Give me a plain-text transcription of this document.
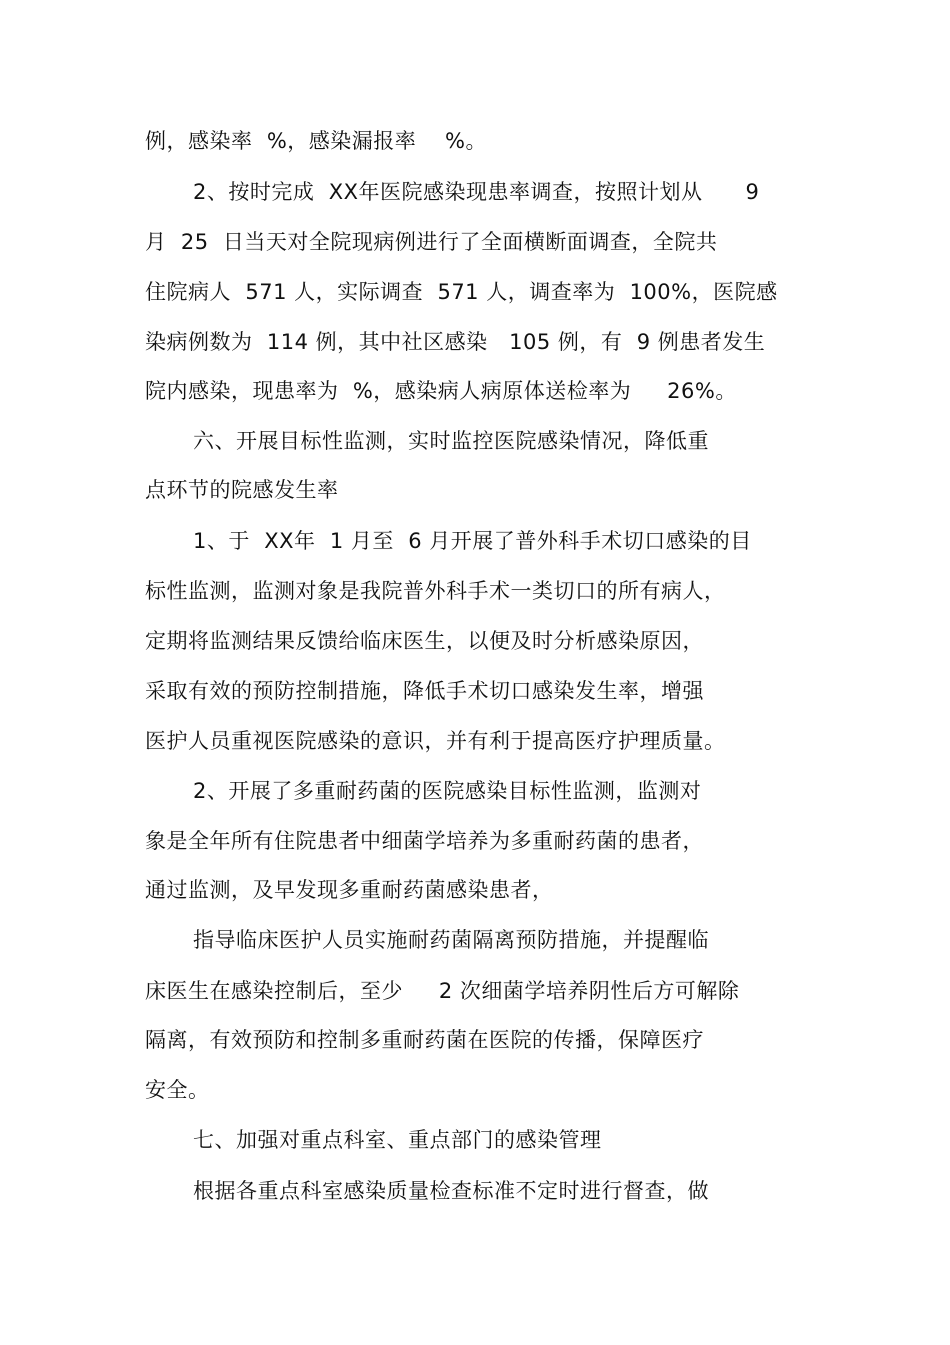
例，感染率  %，感染漏报率    %。
2、按时完成  XX年医院感染现患率调查，按照计划从      9
月  25  日当天对全院现病例进行了全面横断面调查，全院共
住院病人  571 人，实际调查  571 人，调查率为  100%，医院感
染病例数为  114 例，其中社区感染   105 例，有  9 例患者发生
院内感染，现患率为  %，感染病人病原体送检率为     26%。
六、开展目标性监测，实时监控医院感染情况，降低重
点环节的院感发生率
1、于  XX年  1 月至  6 月开展了普外科手术切口感染的目
标性监测，监测对象是我院普外科手术一类切口的所有病人，
定期将监测结果反馈给临床医生，以便及时分析感染原因，
采取有效的预防控制措施，降低手术切口感染发生率，增强
医护人员重视医院感染的意识，并有利于提高医疗护理质量。
2、开展了多重耐药菌的医院感染目标性监测，监测对
象是全年所有住院患者中细菌学培养为多重耐药菌的患者，
通过监测，及早发现多重耐药菌感染患者，
指导临床医护人员实施耐药菌隔离预防措施，并提醒临
床医生在感染控制后，至少     2 次细菌学培养阴性后方可解除
隔离，有效预防和控制多重耐药菌在医院的传播，保障医疗
安全。
七、加强对重点科室、重点部门的感染管理
根据各重点科室感染质量检查标准不定时进行督查，做
